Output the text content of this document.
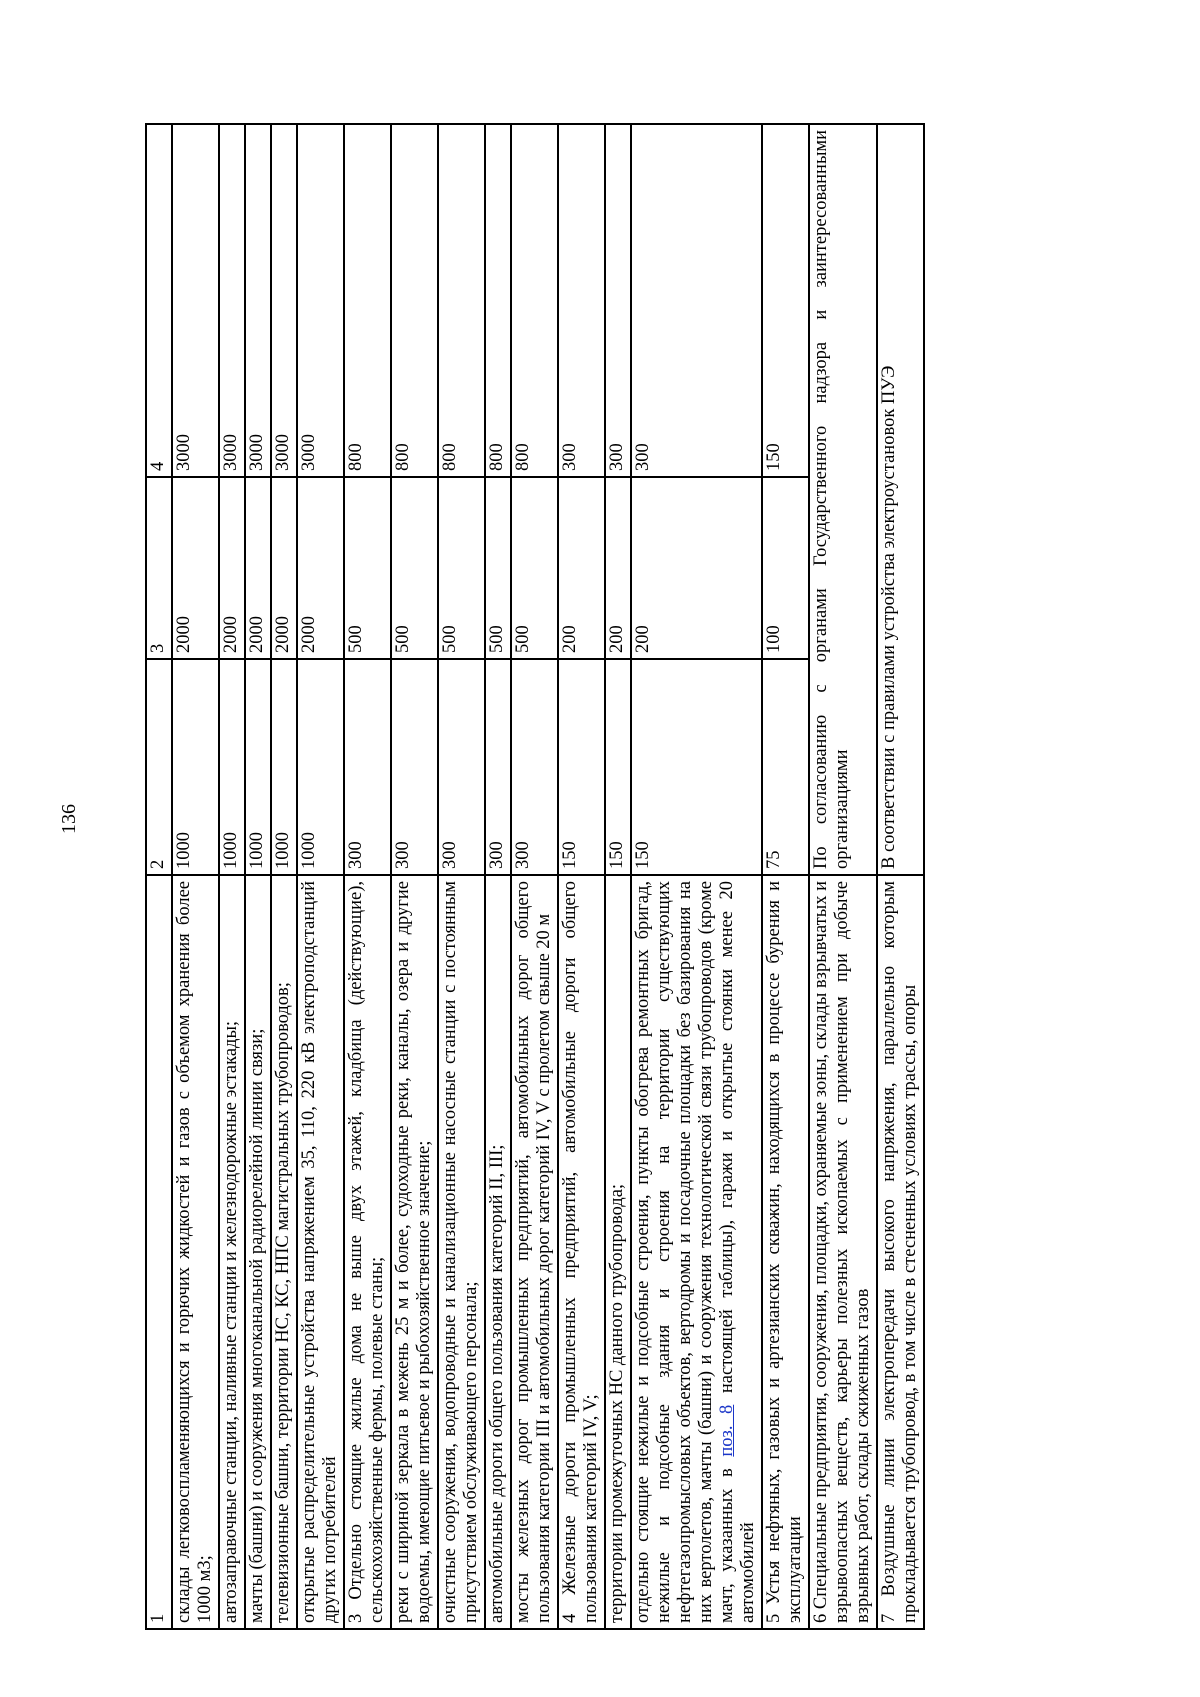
136
1	2	3	4
склады легковоспламеняющихся и горючих жидкостей и газов с объемом хранения более 1000 м3;	1000	2000	3000
автозаправочные станции, наливные станции и железнодорожные эстакады;	1000	2000	3000
мачты (башни) и сооружения многоканальной радиорелейной линии связи;	1000	2000	3000
телевизионные башни, территории НС, КС, НПС магистральных трубопроводов;	1000	2000	3000
открытые распределительные устройства напряжением 35, 110, 220 кВ электроподстанций других потребителей	1000	2000	3000
3 Отдельно стоящие жилые дома не выше двух этажей, кладбища (действующие), сельскохозяйственные фермы, полевые станы;	300	500	800
реки с шириной зеркала в межень 25 м и более, судоходные реки, каналы, озера и другие водоемы, имеющие питьевое и рыбохозяйственное значение;	300	500	800
очистные сооружения, водопроводные и канализационные насосные станции с постоянным присутствием обслуживающего персонала;	300	500	800
автомобильные дороги общего пользования категорий II, III;	300	500	800
мосты железных дорог промышленных предприятий, автомобильных дорог общего пользования категории III и автомобильных дорог категорий IV, V с пролетом свыше 20 м	300	500	800
4 Железные дороги промышленных предприятий, автомобильные дороги общего пользования категорий IV, V;	150	200	300
территории промежуточных НС данного трубопровода;	150	200	300
отдельно стоящие нежилые и подсобные строения, пункты обогрева ремонтных бригад, нежилые и подсобные здания и строения на территории существующих нефтегазопромысловых объектов, вертодромы и посадочные площадки без базирования на них вертолетов, мачты (башни) и сооружения технологической связи трубопроводов (кроме мачт, указанных в поз. 8 настоящей таблицы), гаражи и открытые стоянки менее 20 автомобилей	150	200	300
5 Устья нефтяных, газовых и артезианских скважин, находящихся в процессе бурения и эксплуатации	75	100	150
6 Специальные предприятия, сооружения, площадки, охраняемые зоны, склады взрывчатых и взрывоопасных веществ, карьеры полезных ископаемых с применением при добыче взрывных работ, склады сжиженных газов	По согласованию с органами Государственного надзора и заинтересованными организациями		
7 Воздушные линии электропередачи высокого напряжения, параллельно которым прокладывается трубопровод, в том числе в стесненных условиях трассы, опоры	В соответствии с правилами устройства электроустановок ПУЭ		
